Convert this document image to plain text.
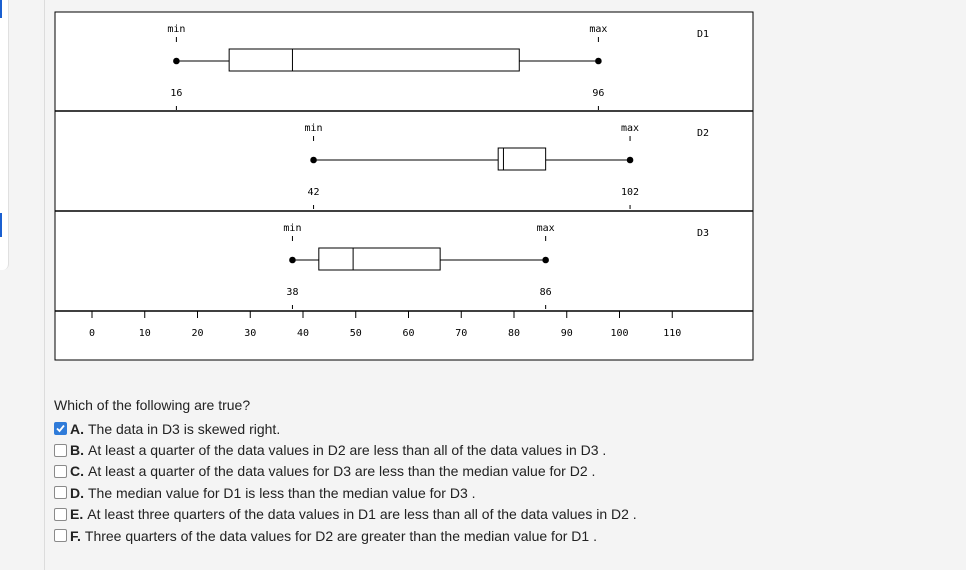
min	max
16	96
D1
min	max
42	102
D2
min	max
38	86
D3
0	10	20	30	40	50	60	70	80	90	100	110
Which of the following are true?
A. The data in D3 is skewed right.
B. At least a quarter of the data values in D2 are less than all of the data values in D3 .
C. At least a quarter of the data values for D3 are less than the median value for D2 .
D. The median value for D1 is less than the median value for D3 .
E. At least three quarters of the data values in D1 are less than all of the data values in D2 .
F. Three quarters of the data values for D2 are greater than the median value for D1 .
